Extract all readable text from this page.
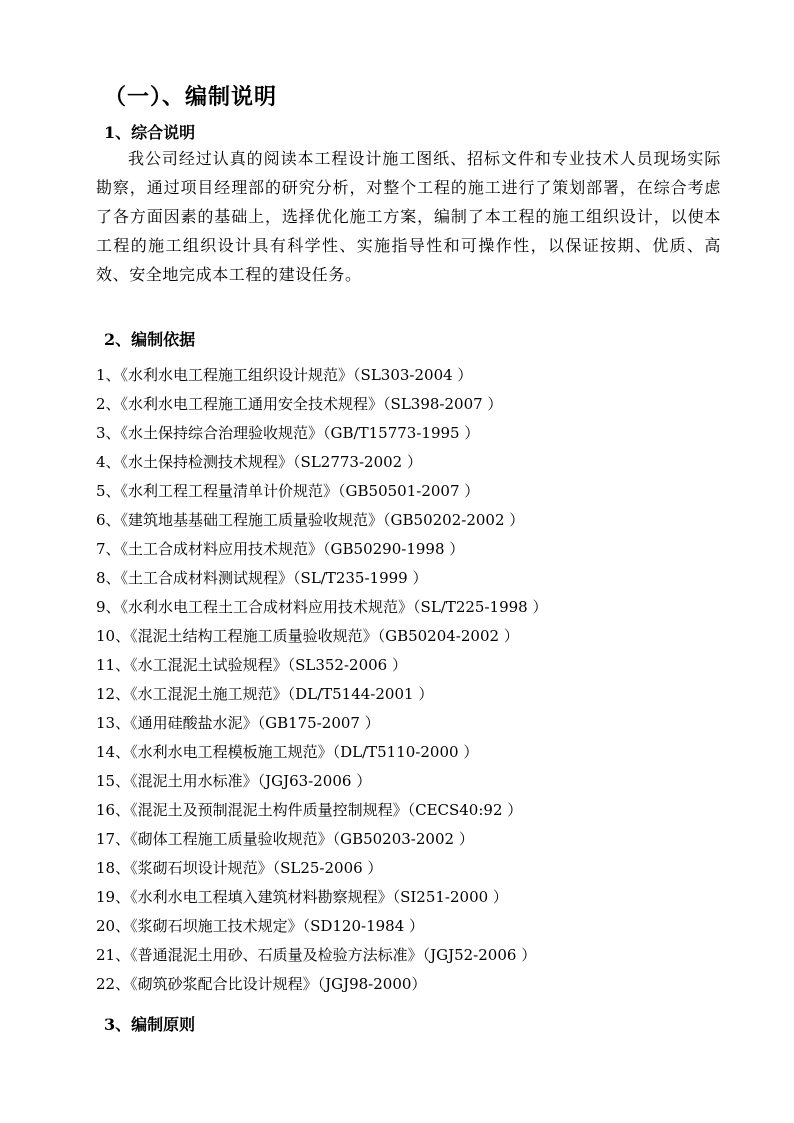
（一）、编制说明
1、综合说明
我公司经过认真的阅读本工程设计施工图纸、招标文件和专业技术人员现场实际勘察，通过项目经理部的研究分析，对整个工程的施工进行了策划部署，在综合考虑了各方面因素的基础上，选择优化施工方案，编制了本工程的施工组织设计，以使本工程的施工组织设计具有科学性、实施指导性和可操作性，以保证按期、优质、高效、安全地完成本工程的建设任务。
2、编制依据
1、《水利水电工程施工组织设计规范》（SL303-2004 ）
2、《水利水电工程施工通用安全技术规程》（SL398-2007 ）
3、《水土保持综合治理验收规范》（GB/T15773-1995 ）
4、《水土保持检测技术规程》（SL2773-2002 ）
5、《水利工程工程量清单计价规范》（GB50501-2007 ）
6、《建筑地基基础工程施工质量验收规范》（GB50202-2002 ）
7、《土工合成材料应用技术规范》（GB50290-1998 ）
8、《土工合成材料测试规程》（SL/T235-1999 ）
9、《水利水电工程土工合成材料应用技术规范》（SL/T225-1998 ）
10、《混泥土结构工程施工质量验收规范》（GB50204-2002 ）
11、《水工混泥土试验规程》（SL352-2006 ）
12、《水工混泥土施工规范》（DL/T5144-2001 ）
13、《通用硅酸盐水泥》（GB175-2007 ）
14、《水利水电工程模板施工规范》（DL/T5110-2000 ）
15、《混泥土用水标准》（JGJ63-2006 ）
16、《混泥土及预制混泥土构件质量控制规程》（CECS40:92 ）
17、《砌体工程施工质量验收规范》（GB50203-2002 ）
18、《浆砌石坝设计规范》（SL25-2006 ）
19、《水利水电工程填入建筑材料勘察规程》（SI251-2000 ）
20、《浆砌石坝施工技术规定》（SD120-1984 ）
21、《普通混泥土用砂、石质量及检验方法标准》（JGJ52-2006 ）
22、《砌筑砂浆配合比设计规程》（JGJ98-2000）
3、编制原则
